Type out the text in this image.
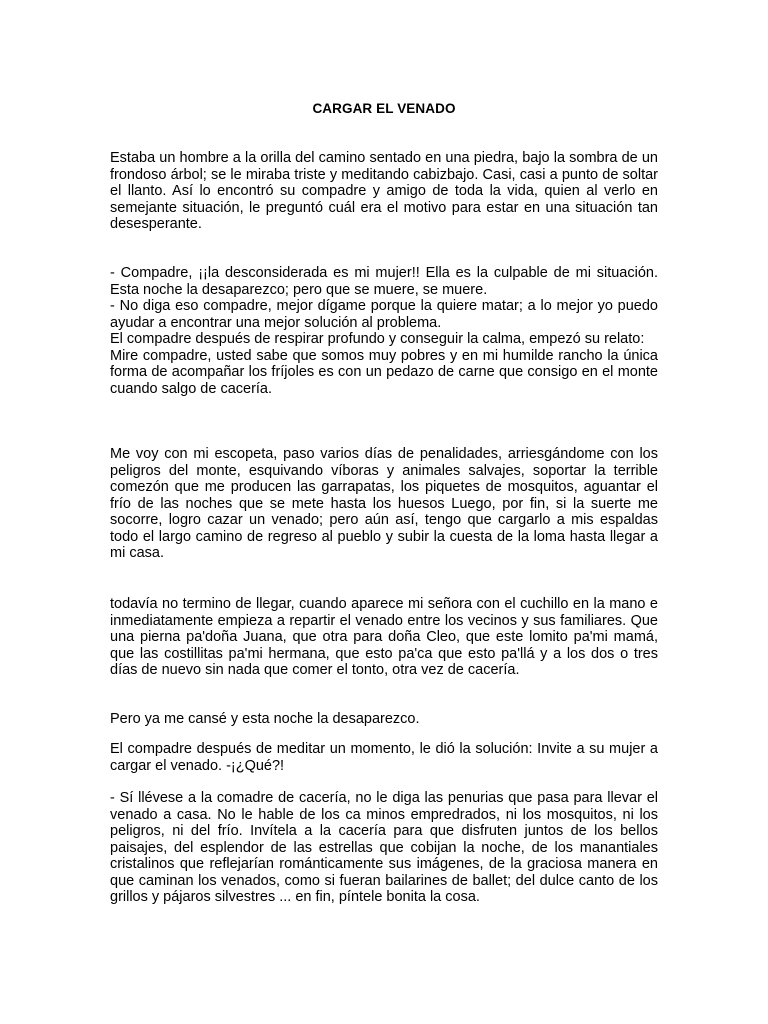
CARGAR EL VENADO

Estaba un hombre a la orilla del camino sentado en una piedra, bajo la sombra de un frondoso árbol; se le miraba triste y meditando cabizbajo. Casi, casi a punto de soltar el llanto. Así lo encontró su compadre y amigo de toda la vida, quien al verlo en semejante situación, le preguntó cuál era el motivo para estar en una situación tan desesperante.

- Compadre, ¡¡la desconsiderada es mi mujer!! Ella es la culpable de mi situación. Esta noche la desaparezco; pero que se muere, se muere.
- No diga eso compadre, mejor dígame porque la quiere matar; a lo mejor yo puedo ayudar a encontrar una mejor solución al problema.
El compadre después de respirar profundo y conseguir la calma, empezó su relato:
Mire compadre, usted sabe que somos muy pobres y en mi humilde rancho la única forma de acompañar los fríjoles es con un pedazo de carne que consigo en el monte cuando salgo de cacería.

Me voy con mi escopeta, paso varios días de penalidades, arriesgándome con los peligros del monte, esquivando víboras y animales salvajes, soportar la terrible comezón que me producen las garrapatas, los piquetes de mosquitos, aguantar el frío de las noches que se mete hasta los huesos Luego, por fin, si la suerte me socorre, logro cazar un venado; pero aún así, tengo que cargarlo a mis espaldas todo el largo camino de regreso al pueblo y subir la cuesta de la loma hasta llegar a mi casa.

todavía no termino de llegar, cuando aparece mi señora con el cuchillo en la mano e inmediatamente empieza a repartir el venado entre los vecinos y sus familiares. Que una pierna pa'doña Juana, que otra para doña Cleo, que este lomito pa'mi mamá, que las costillitas pa'mi hermana, que esto pa'ca que esto pa'llá y a los dos o tres días de nuevo sin nada que comer el tonto, otra vez de cacería.

Pero ya me cansé y esta noche la desaparezco.

El compadre después de meditar un momento, le dió la solución: Invite a su mujer a cargar el venado. -¡¿Qué?!

- Sí llévese a la comadre de cacería, no le diga las penurias que pasa para llevar el venado a casa. No le hable de los ca minos empredrados, ni los mosquitos, ni los peligros, ni del frío. Invítela a la cacería para que disfruten juntos de los bellos paisajes, del esplendor de las estrellas que cobijan la noche, de los manantiales cristalinos que reflejarían románticamente sus imágenes, de la graciosa manera en que caminan los venados, como si fueran bailarines de ballet; del dulce canto de los grillos y pájaros silvestres ... en fin, píntele bonita la cosa.
